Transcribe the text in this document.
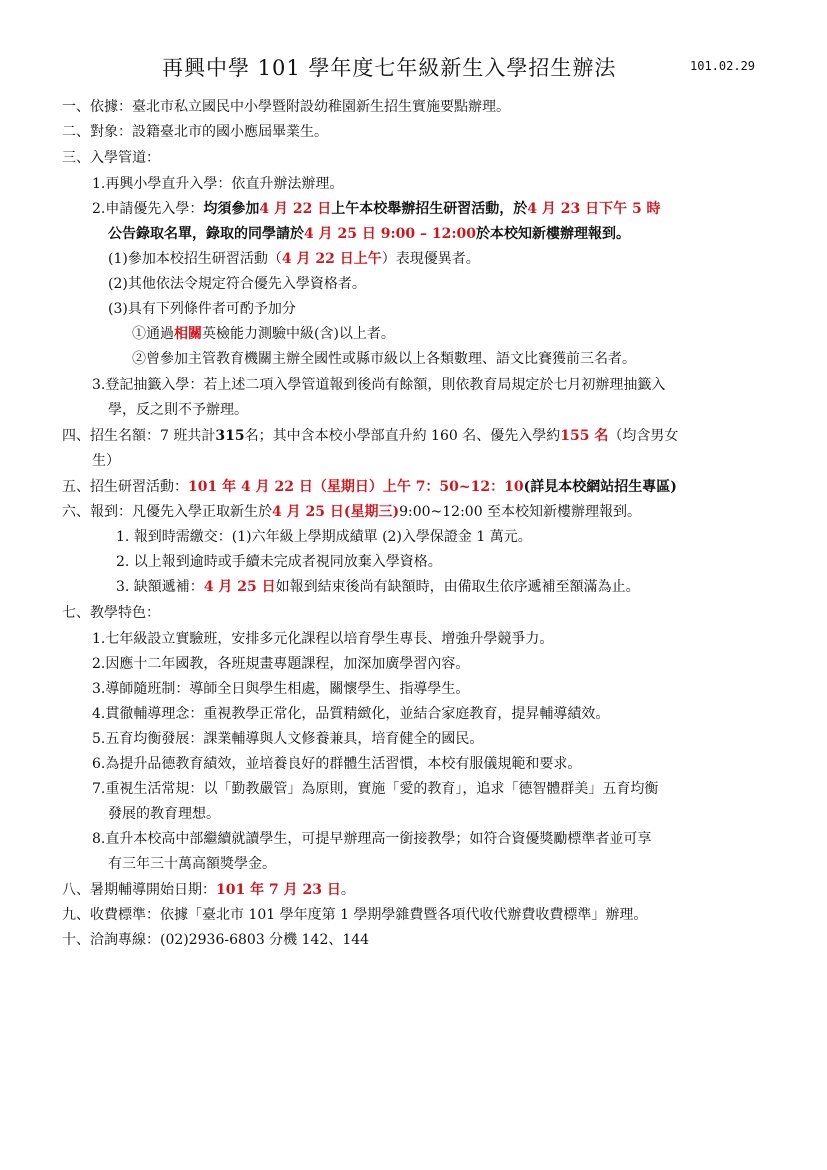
再興中學 101 學年度七年級新生入學招生辦法	101.02.29
一、依據：臺北市私立國民中小學暨附設幼稚園新生招生實施要點辦理。
二、對象：設籍臺北市的國小應屆畢業生。
三、入學管道：
1.再興小學直升入學：依直升辦法辦理。
2.申請優先入學：均須參加4 月 22 日上午本校舉辦招生研習活動，於4 月 23 日下午 5 時
公告錄取名單，錄取的同學請於4 月 25 日 9:00 – 12:00於本校知新樓辦理報到。
(1)參加本校招生研習活動（4 月 22 日上午）表現優異者。
(2)其他依法令規定符合優先入學資格者。
(3)具有下列條件者可酌予加分
①通過相關英檢能力測驗中級(含)以上者。
②曾參加主管教育機關主辦全國性或縣市級以上各類數理、語文比賽獲前三名者。
3.登記抽籤入學：若上述二項入學管道報到後尚有餘額，則依教育局規定於七月初辦理抽籤入
學，反之則不予辦理。
四、招生名額：7 班共計315名；其中含本校小學部直升約 160 名、優先入學約155 名（均含男女
生）
五、招生研習活動：101 年 4 月 22 日（星期日）上午 7：50~12：10(詳見本校網站招生專區)
六、報到：凡優先入學正取新生於4 月 25 日(星期三)9:00~12:00 至本校知新樓辦理報到。
1. 報到時需繳交：(1)六年級上學期成績單 (2)入學保證金 1 萬元。
2. 以上報到逾時或手續未完成者視同放棄入學資格。
3. 缺額遞補：4 月 25 日如報到結束後尚有缺額時，由備取生依序遞補至額滿為止。
七、教學特色：
1.七年級設立實驗班，安排多元化課程以培育學生專長、增強升學競爭力。
2.因應十二年國教，各班規畫專題課程，加深加廣學習內容。
3.導師隨班制：導師全日與學生相處，關懷學生、指導學生。
4.貫徹輔導理念：重視教學正常化，品質精緻化，並結合家庭教育，提昇輔導績效。
5.五育均衡發展：課業輔導與人文修養兼具，培育健全的國民。
6.為提升品德教育績效，並培養良好的群體生活習慣，本校有服儀規範和要求。
7.重視生活常規：以「勤教嚴管」為原則，實施「愛的教育」，追求「德智體群美」五育均衡
發展的教育理想。
8.直升本校高中部繼續就讀學生，可提早辦理高一銜接教學；如符合資優獎勵標準者並可享
有三年三十萬高額獎學金。
八、暑期輔導開始日期：101 年 7 月 23 日。
九、收費標準：依據「臺北市 101 學年度第 1 學期學雜費暨各項代收代辦費收費標準」辦理。
十、洽詢專線：(02)2936-6803 分機 142、144
